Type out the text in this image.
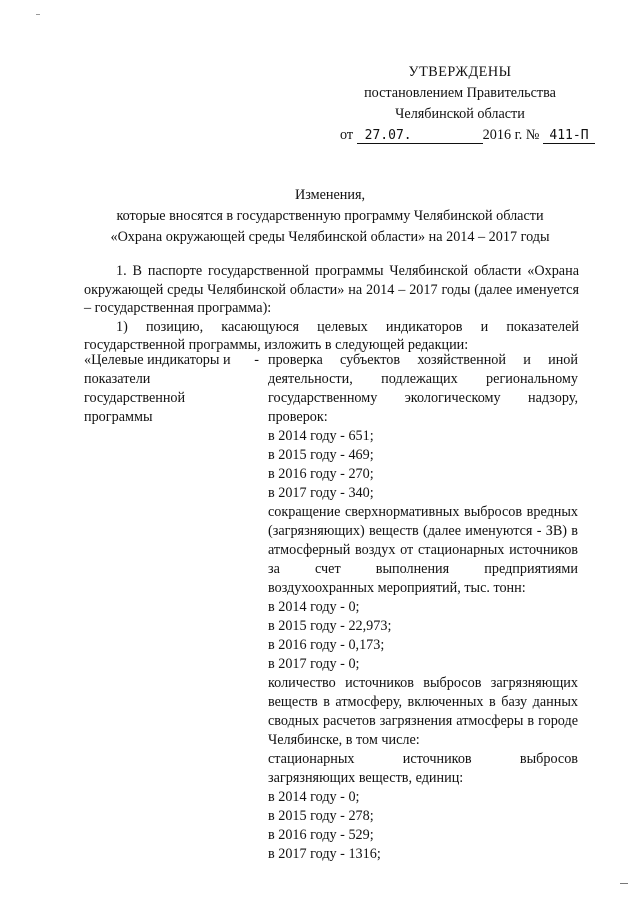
УТВЕРЖДЕНЫ
постановлением Правительства
Челябинской области
от 27.07.	2016 г. № 411-П
Изменения,
которые вносятся в государственную программу Челябинской области
«Охрана окружающей среды Челябинской области» на 2014 – 2017 годы

1. В паспорте государственной программы Челябинской области «Охрана окружающей среды Челябинской области» на 2014 – 2017 годы (далее именуется – государственная программа):

1) позицию, касающуюся целевых индикаторов и показателей

государственной программы, изложить в следующей редакции:
«Целевые индикаторы и -
показатели
государственной
программы
проверка субъектов хозяйственной и иной деятельности, подлежащих региональному государственному экологическому надзору, проверок:
в 2014 году - 651;
в 2015 году - 469;
в 2016 году - 270;
в 2017 году - 340;
сокращение сверхнормативных выбросов вредных (загрязняющих) веществ (далее именуются - ЗВ) в атмосферный воздух от стационарных источников за счет выполнения предприятиями воздухоохранных мероприятий, тыс. тонн:
в 2014 году - 0;
в 2015 году - 22,973;
в 2016 году - 0,173;
в 2017 году - 0;
количество источников выбросов загрязняющих веществ в атмосферу, включенных в базу данных сводных расчетов загрязнения атмосферы в городе Челябинске, в том числе:
стационарных источников выбросов загрязняющих веществ, единиц:
в 2014 году - 0;
в 2015 году - 278;
в 2016 году - 529;
в 2017 году - 1316;
